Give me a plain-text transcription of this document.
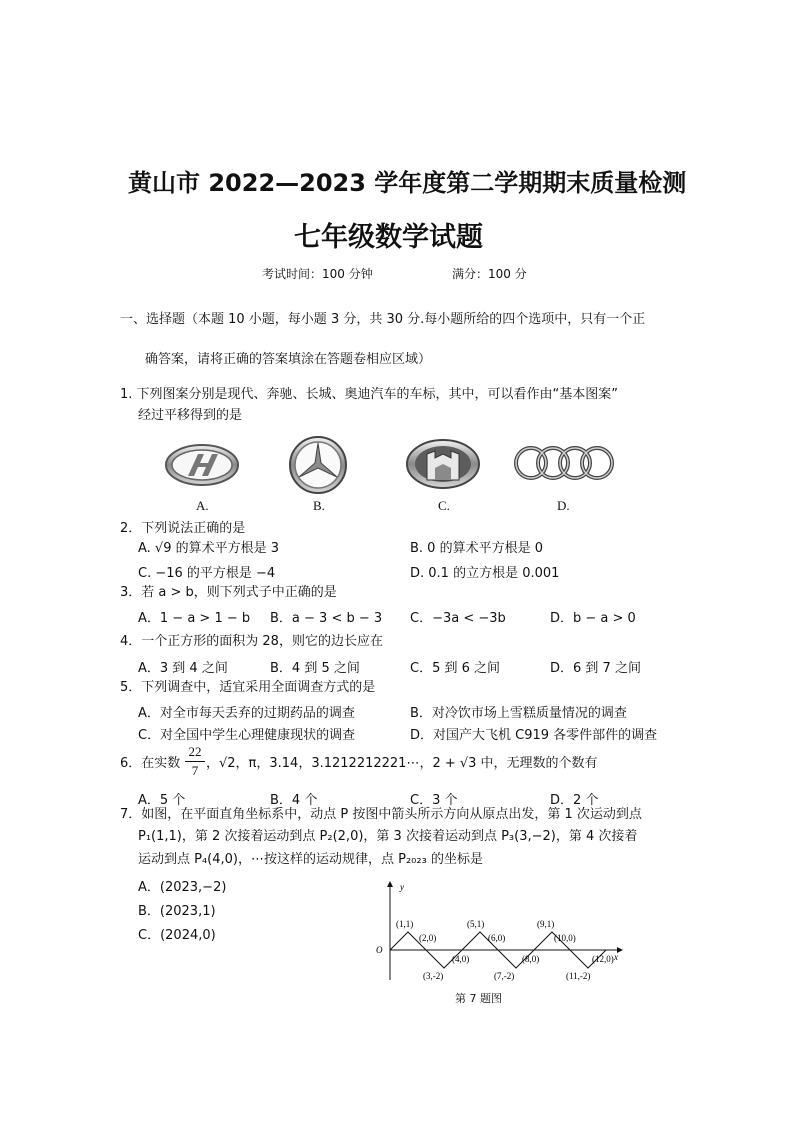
黄山市 2022—2023 学年度第二学期期末质量检测
七年级数学试题
考试时间：100 分钟	满分：100 分
一、选择题（本题 10 小题，每小题 3 分，共 30 分.每小题所给的四个选项中，只有一个正
确答案，请将正确的答案填涂在答题卷相应区域）
1. 下列图案分别是现代、奔驰、长城、奥迪汽车的车标，其中，可以看作由“基本图案”
经过平移得到的是
A.	B.	C.	D.
2．下列说法正确的是
A. √9 的算术平方根是 3	B. 0 的算术平方根是 0
C. −16 的平方根是 −4	D. 0.1 的立方根是 0.001
3．若 a > b，则下列式子中正确的是
A．1 − a > 1 − b B．a − 3 < b − 3 C．−3a < −3b	D．b − a > 0
4．一个正方形的面积为 28，则它的边长应在
A．3 到 4 之间	B．4 到 5 之间	C．5 到 6 之间	D．6 到 7 之间
5．下列调查中，适宜采用全面调查方式的是
A．对全市每天丢弃的过期药品的调查	B．对冷饮市场上雪糕质量情况的调查
C．对全国中学生心理健康现状的调查	D．对国产大飞机 C919 各零件部件的调查
6．在实数
22
7 ，√2，π，3.14，3.1212212221⋯，2 + √3 中，无理数的个数有
A．5 个	B．4 个	C．3 个	D．2 个
7．如图，在平面直角坐标系中，动点 P 按图中箭头所示方向从原点出发，第 1 次运动到点
P₁(1,1)，第 2 次接着运动到点 P₂(2,0)，第 3 次接着运动到点 P₃(3,−2)，第 4 次接着
运动到点 P₄(4,0)，⋯按这样的运动规律，点 P₂₀₂₃ 的坐标是
A．(2023,−2)
B．(2023,1)
C．(2024,0)
y
x
O
(1,1)
(2,0)
(3,-2)
(4,0)
(5,1)
(6,0)
(7,-2)
(8,0)
(9,1)
(10,0)
(11,-2)
(12,0)
第 7 题图
